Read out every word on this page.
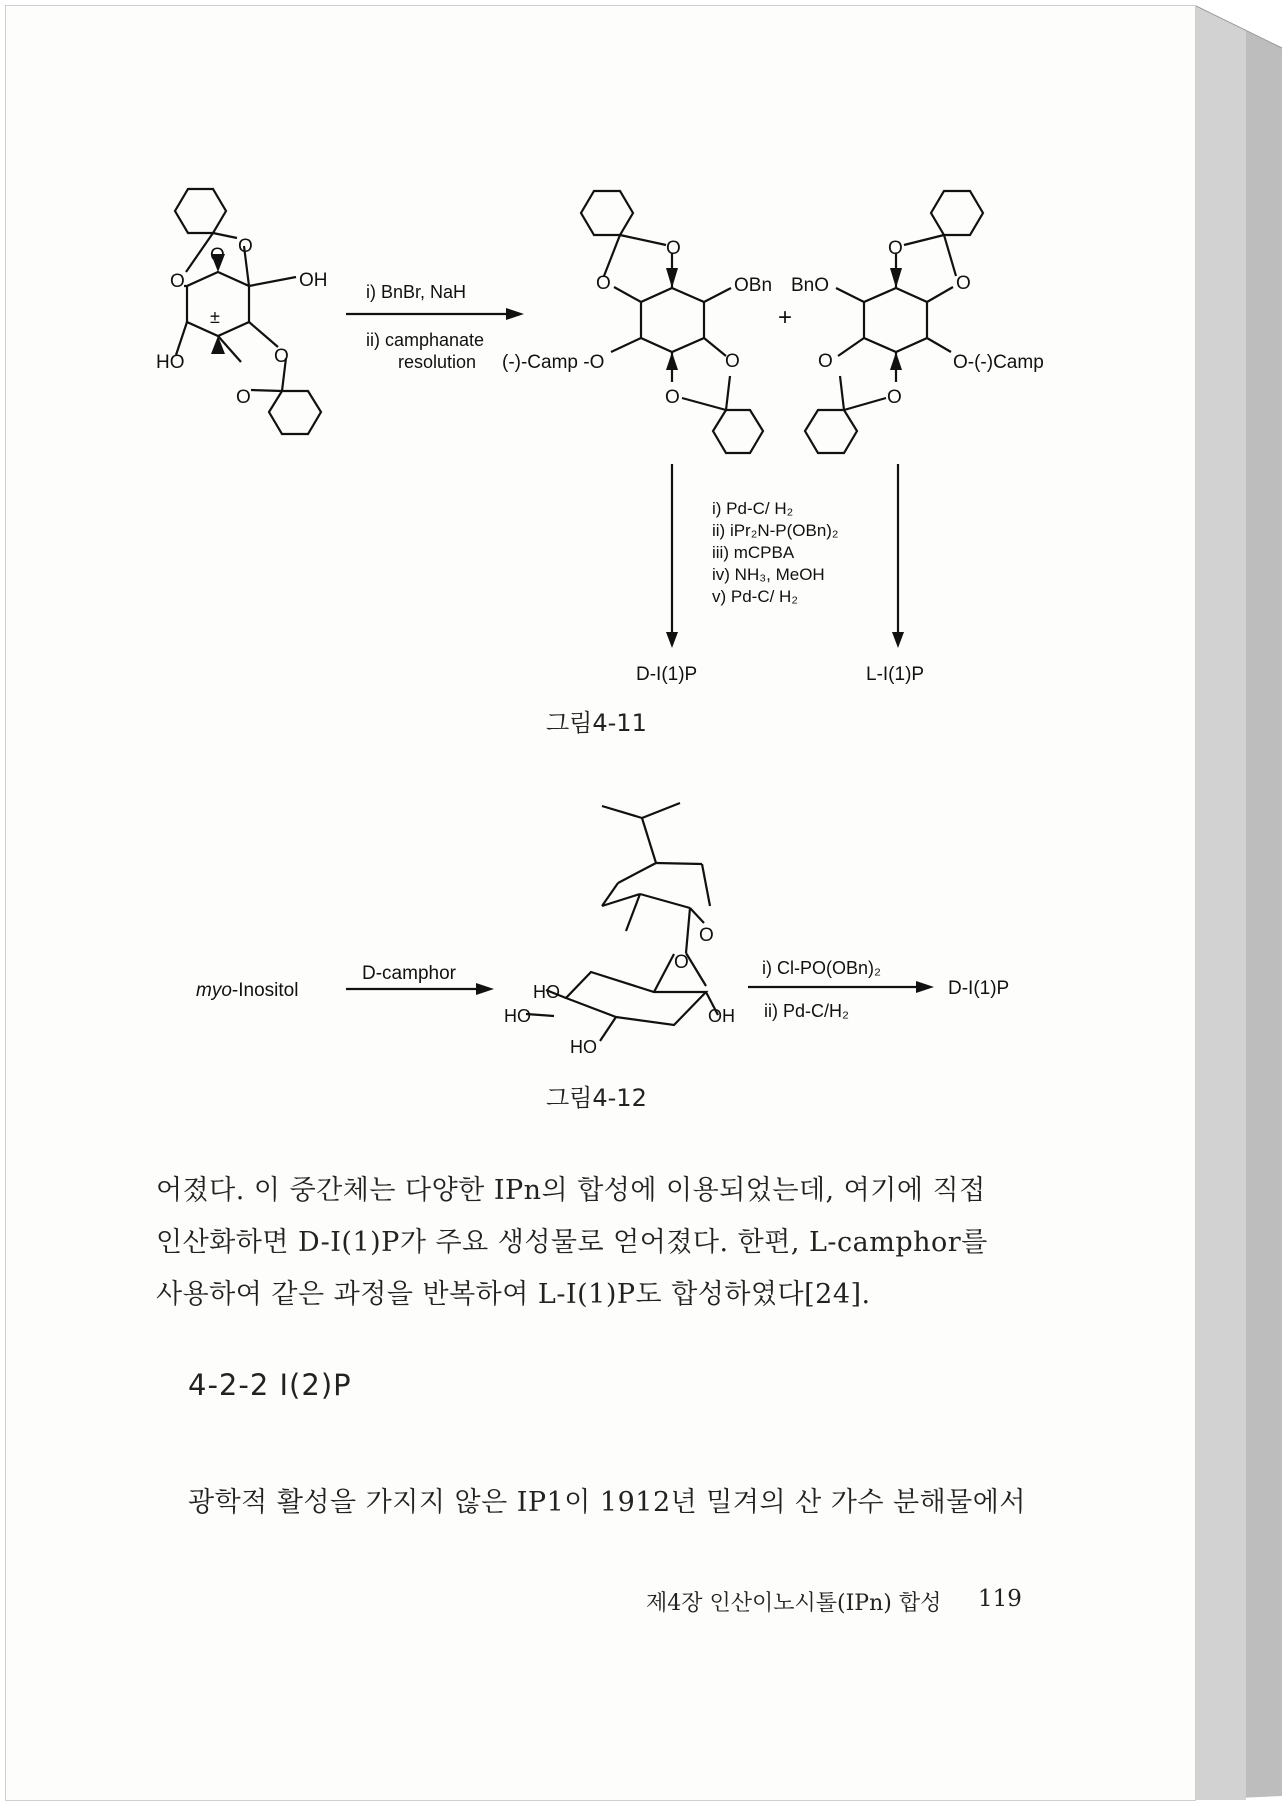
O
O	OH
HO
±
O
O
O
i) BnBr, NaH
ii) camphanate
resolution
O
O	OBn
(-)-Camp -O	O
O
+
O
O
BnO
O-(-)Camp
O
O
i) Pd-C/ H₂
ii) iPr₂N-P(OBn)₂
iii) mCPBA
iv) NH₃, MeOH
v) Pd-C/ H₂
D-I(1)P	L-I(1)P
그림4-11
myo-Inositol
D-camphor
O
O
HO
HO
HO
OH
i) Cl-PO(OBn)₂
ii) Pd-C/H₂
D-I(1)P
그림4-12
어졌다. 이 중간체는 다양한 IPn의 합성에 이용되었는데, 여기에 직접
인산화하면 D-I(1)P가 주요 생성물로 얻어졌다. 한편, L-camphor를
사용하여 같은 과정을 반복하여 L-I(1)P도 합성하였다[24].
4-2-2 I(2)P
광학적 활성을 가지지 않은 IP1이 1912년 밀겨의 산 가수 분해물에서
제4장 인산이노시톨(IPn) 합성 119
